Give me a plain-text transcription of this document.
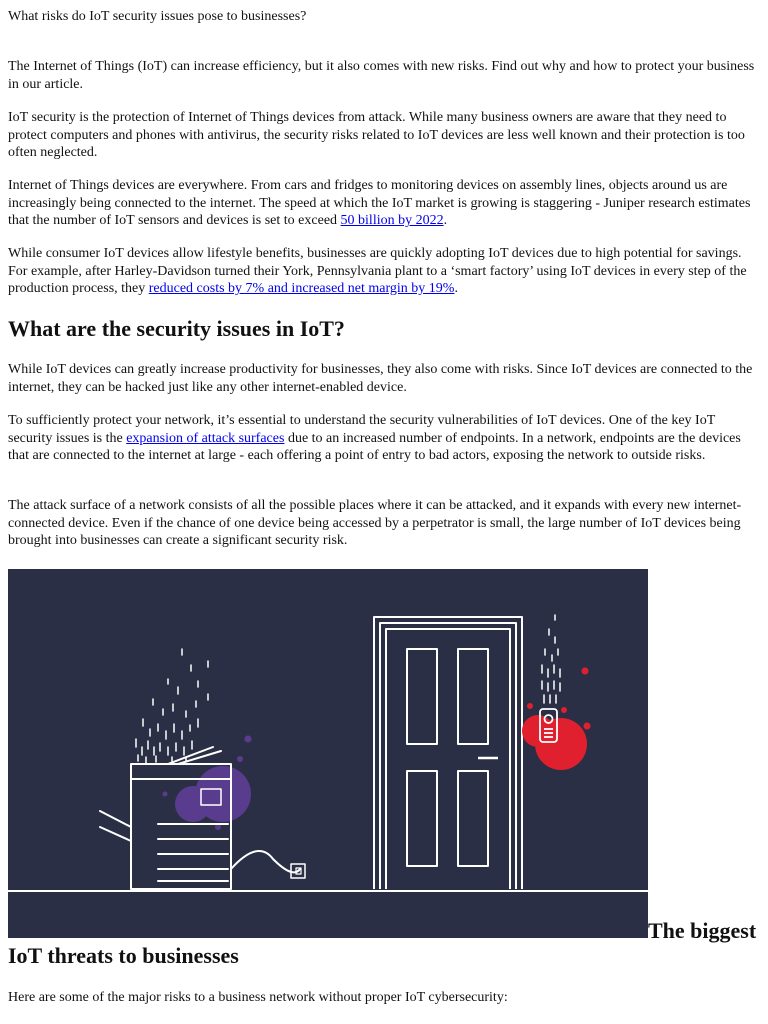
What risks do IoT security issues pose to businesses?

The Internet of Things (IoT) can increase efficiency, but it also comes with new risks. Find out why and how to protect your business in our article.

IoT security is the protection of Internet of Things devices from attack. While many business owners are aware that they need to protect computers and phones with antivirus, the security risks related to IoT devices are less well known and their protection is too often neglected.

Internet of Things devices are everywhere. From cars and fridges to monitoring devices on assembly lines, objects around us are increasingly being connected to the internet. The speed at which the IoT market is growing is staggering - Juniper research estimates that the number of IoT sensors and devices is set to exceed 50 billion by 2022.

While consumer IoT devices allow lifestyle benefits, businesses are quickly adopting IoT devices due to high potential for savings. For example, after Harley-Davidson turned their York, Pennsylvania plant to a ‘smart factory’ using IoT devices in every step of the production process, they reduced costs by 7% and increased net margin by 19%.

What are the security issues in IoT?

While IoT devices can greatly increase productivity for businesses, they also come with risks. Since IoT devices are connected to the internet, they can be hacked just like any other internet-enabled device.

To sufficiently protect your network, it’s essential to understand the security vulnerabilities of IoT devices. One of the key IoT security issues is the expansion of attack surfaces due to an increased number of endpoints. In a network, endpoints are the devices that are connected to the internet at large - each offering a point of entry to bad actors, exposing the network to outside risks.

The attack surface of a network consists of all the possible places where it can be attacked, and it expands with every new internet-connected device. Even if the chance of one device being accessed by a perpetrator is small, the large number of IoT devices being brought into businesses can create a significant security risk.

The biggest
IoT threats to businesses

Here are some of the major risks to a business network without proper IoT cybersecurity:
